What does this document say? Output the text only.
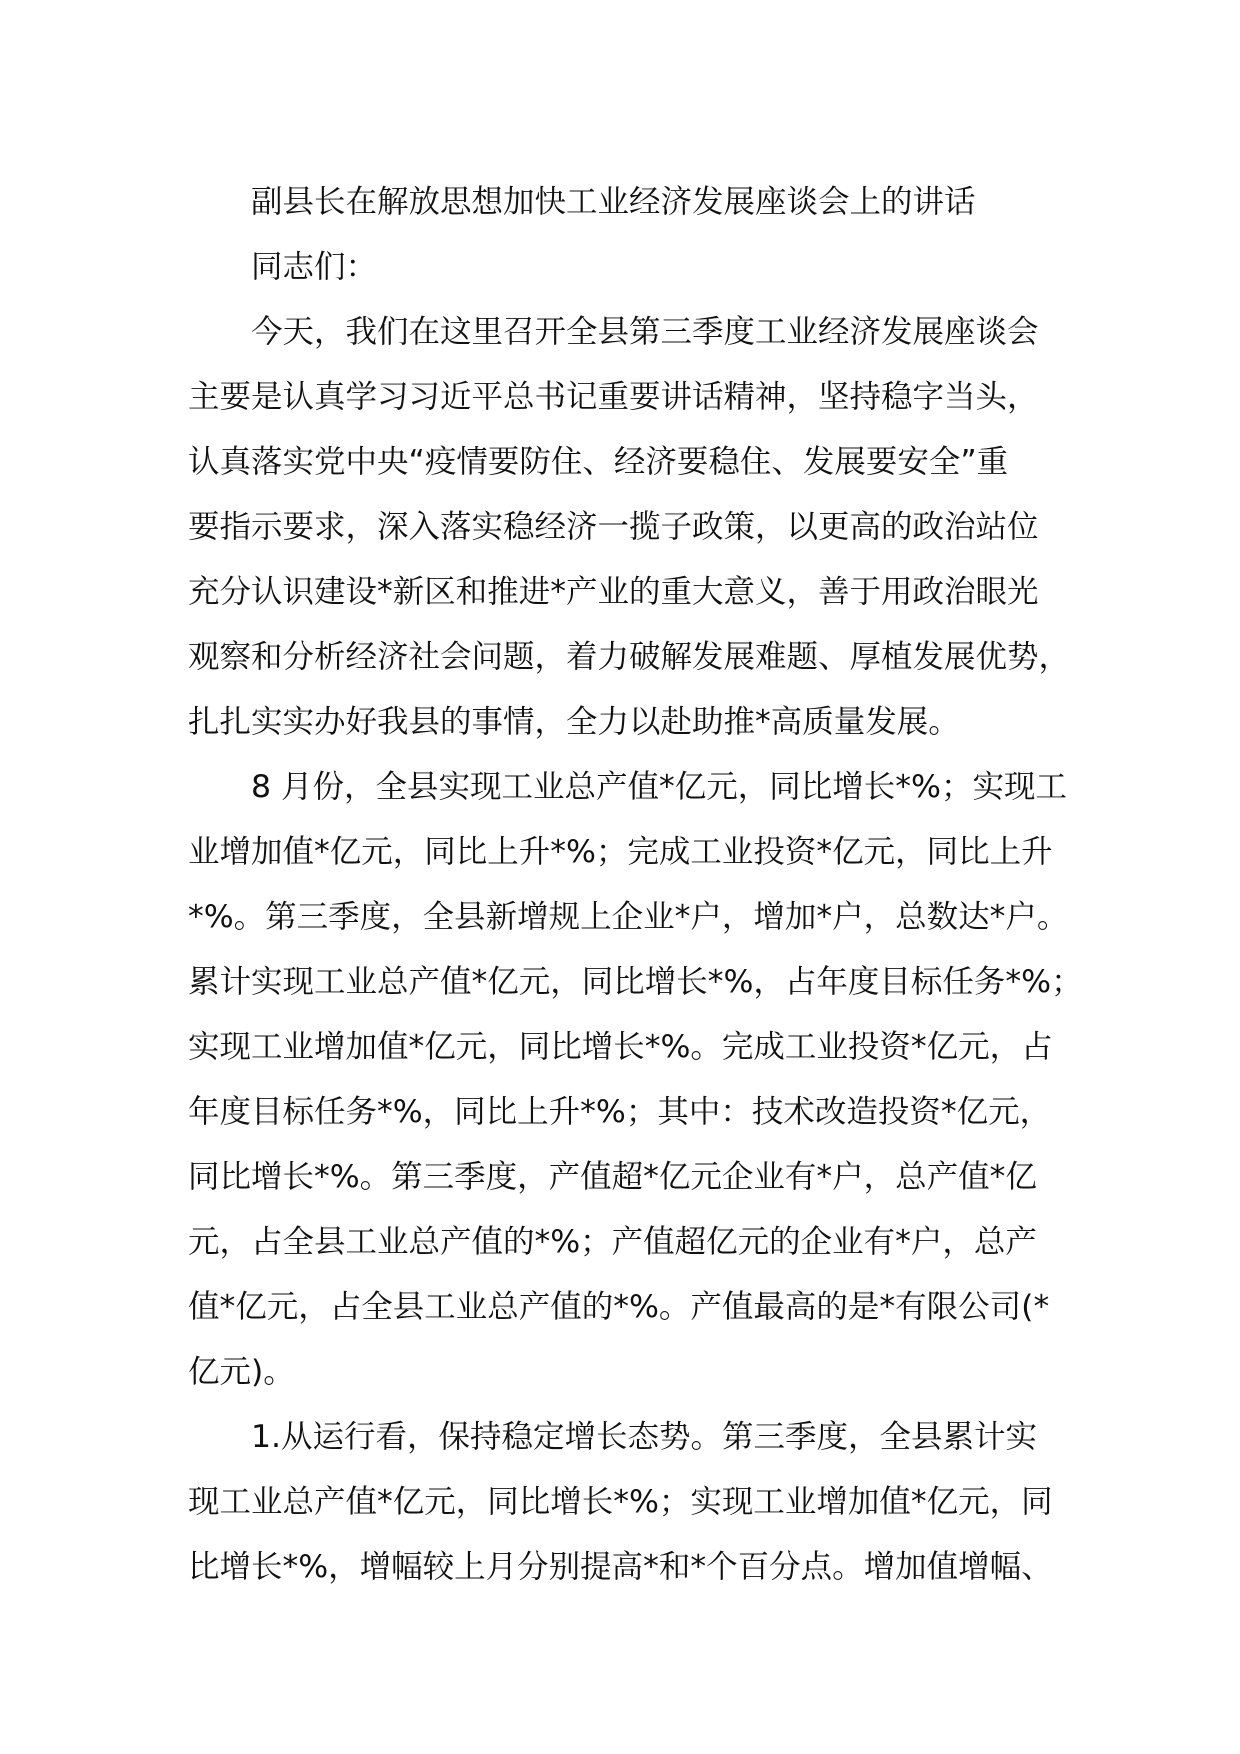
副县长在解放思想加快工业经济发展座谈会上的讲话
同志们：
今天，我们在这里召开全县第三季度工业经济发展座谈会
主要是认真学习习近平总书记重要讲话精神，坚持稳字当头，
认真落实党中央“疫情要防住、经济要稳住、发展要安全”重
要指示要求，深入落实稳经济一揽子政策，以更高的政治站位
充分认识建设*新区和推进*产业的重大意义，善于用政治眼光
观察和分析经济社会问题，着力破解发展难题、厚植发展优势，
扎扎实实办好我县的事情，全力以赴助推*高质量发展。
8 月份，全县实现工业总产值*亿元，同比增长*%；实现工
业增加值*亿元，同比上升*%；完成工业投资*亿元，同比上升
*%。第三季度，全县新增规上企业*户，增加*户，总数达*户。
累计实现工业总产值*亿元，同比增长*%，占年度目标任务*%；
实现工业增加值*亿元，同比增长*%。完成工业投资*亿元，占
年度目标任务*%，同比上升*%；其中：技术改造投资*亿元，
同比增长*%。第三季度，产值超*亿元企业有*户，总产值*亿
元，占全县工业总产值的*%；产值超亿元的企业有*户，总产
值*亿元，占全县工业总产值的*%。产值最高的是*有限公司(*
亿元)。
1.从运行看，保持稳定增长态势。第三季度，全县累计实
现工业总产值*亿元，同比增长*%；实现工业增加值*亿元，同
比增长*%，增幅较上月分别提高*和*个百分点。增加值增幅、
